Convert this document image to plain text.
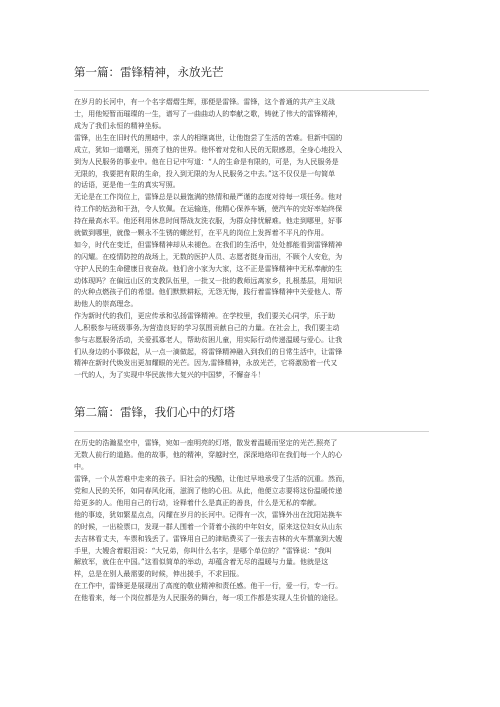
第一篇：雷锋精神，永放光芒
在岁月的长河中，有一个名字熠熠生辉，那便是雷锋。雷锋，这个普通的共产主义战
士，用他短暂而璀璨的一生，谱写了一曲曲动人的奉献之歌，铸就了伟大的雷锋精神，
成为了我们永恒的精神坐标。
雷锋，出生在旧时代的黑暗中，亲人的相继离世，让他饱尝了生活的苦难。但新中国的
成立，犹如一道曙光，照亮了他的世界。他怀着对党和人民的无限感恩，全身心地投入
到为人民服务的事业中。他在日记中写道：“人的生命是有限的，可是，为人民服务是
无限的，我要把有限的生命，投入到无限的为人民服务之中去。”这不仅仅是一句简单
的话语，更是他一生的真实写照。
无论是在工作岗位上，雷锋总是以最饱满的热情和最严谨的态度对待每一项任务。他对
待工作的钻劲和干劲，令人钦佩。在运输连，他精心保养车辆，使汽车的完好率始终保
持在最高水平。他还利用休息时间帮战友洗衣服，为群众排忧解难。他走到哪里，好事
就做到哪里，就像一颗永不生锈的螺丝钉，在平凡的岗位上发挥着不平凡的作用。
如今，时代在变迁，但雷锋精神却从未褪色。在我们的生活中，处处都能看到雷锋精神
的闪耀。在疫情防控的战场上，无数的医护人员、志愿者挺身而出，不顾个人安危，为
守护人民的生命健康日夜奋战。他们舍小家为大家，这不正是雷锋精神中无私奉献的生
动体现吗？在偏远山区的支教队伍里，一批又一批的教师远离家乡，扎根基层，用知识
的火种点燃孩子们的希望。他们默默耕耘，无怨无悔，践行着雷锋精神中关爱他人、帮
助他人的崇高理念。
作为新时代的我们，更应传承和弘扬雷锋精神。在学校里，我们要关心同学，乐于助
人,积极参与班级事务,为营造良好的学习氛围贡献自己的力量。在社会上，我们要主动
参与志愿服务活动，关爱孤寡老人，帮助贫困儿童，用实际行动传递温暖与爱心。让我
们从身边的小事做起，从一点一滴做起，将雷锋精神融入到我们的日常生活中，让雷锋
精神在新时代焕发出更加耀眼的光芒。因为,雷锋精神，永放光芒，它将激励着一代又
一代的人，为了实现中华民族伟大复兴的中国梦，不懈奋斗！
第二篇：雷锋，我们心中的灯塔
在历史的浩瀚星空中，雷锋，宛如一座明亮的灯塔，散发着温暖而坚定的光芒,照亮了
无数人前行的道路。他的故事，他的精神，穿越时空，深深地烙印在我们每一个人的心
中。
雷锋，一个从苦难中走来的孩子。旧社会的残酷，让他过早地承受了生活的沉重。然而，
党和人民的关怀，如同春风化雨，滋润了他的心田。从此，他便立志要将这份温暖传递
给更多的人。他用自己的行动，诠释着什么是真正的善良，什么是无私的奉献。
他的事迹，犹如繁星点点，闪耀在岁月的长河中。记得有一次，雷锋外出在沈阳站换车
的时候，一出检票口，发现一群人围着一个背着小孩的中年妇女，原来这位妇女从山东
去吉林看丈夫，车票和钱丢了。雷锋用自己的津贴费买了一张去吉林的火车票塞到大嫂
手里，大嫂含着眼泪说：“大兄弟，你叫什么名字，是哪个单位的？”雷锋说：“我叫
解放军，就住在中国。”这看似简单的举动，却蕴含着无尽的温暖与力量。他就是这
样，总是在别人最需要的时候，伸出援手，不求回报。
在工作中，雷锋更是展现出了高度的敬业精神和责任感。他干一行，爱一行，专一行。
在他看来，每一个岗位都是为人民服务的舞台，每一项工作都是实现人生价值的途径。
